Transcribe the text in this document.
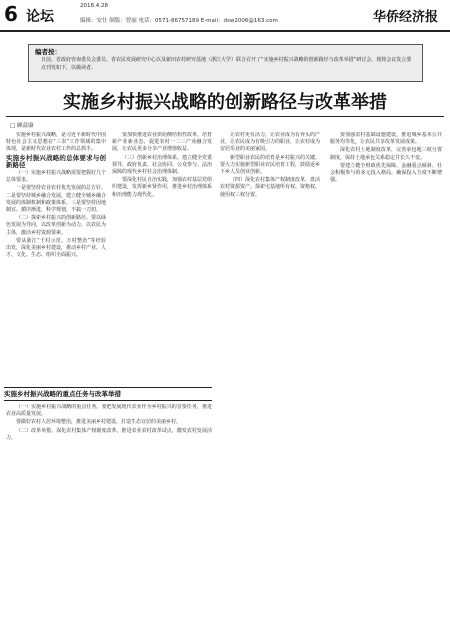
6 论坛
2018.4.28
编辑：安仕 制版：曾丽 电话：0571-86757189 E-mail：dsw2006@163.com	华侨经济报
编者按：
日前，省政府咨询委员会委员、省农民发展研究中心以及新田农村研究基地（浙江大学）联合召开了“实施乡村振兴战略的创新路径与改革举措”研讨会，现将会议发言要点刊发如下，以飨读者。
实施乡村振兴战略的创新路径与改革举措
□ 顾益康

实施乡村振兴战略，是习近平新时代中国特色社会主义思想在“三农”工作领域的集中体现，是新时代农业农村工作的总抓手。

实施乡村振兴战略的总体要求与创新路径

（一）实施乡村振兴战略需要把握好几个总体要求。

一是要坚持农业农村优先发展的总方针。二是要坚持城乡融合发展，建立健全城乡融合发展的体制机制和政策体系。三是要坚持因地制宜、循序渐进，科学规划，不搞一刀切。

（二）探索乡村振兴的创新路径。要以绿色发展为导向，以改革创新为动力，以农民为主体，激活乡村资源要素。

要从浙江“千村示范、万村整治”等经验出发，深化美丽乡村建设，推动乡村产业、人才、文化、生态、组织全面振兴。

要加快推进农业供给侧结构性改革，培育新产业新业态，促进农村一二三产业融合发展，让农民更多分享产业增值收益。

（三）创新乡村治理体系。建立健全党委领导、政府负责、社会协同、公众参与、法治保障的现代乡村社会治理体制。

要深化村民自治实践，加强农村基层党组织建设，发挥新乡贤作用，推进乡村治理体系和治理能力现代化。

让农村更有活力，让农业成为有奔头的产业，让农民成为有吸引力的职业，让农村成为安居乐业的美丽家园。

新型职业农民的培育是乡村振兴的关键。要大力实施新型职业农民培育工程，鼓励返乡下乡人员创业创新。

（四）深化农村集体产权制度改革，盘活农村资源资产。探索宅基地所有权、资格权、使用权三权分置。

要加强农村基础设施建设，推进城乡基本公共服务均等化，让农民共享改革发展成果。

深化农村土地制度改革，完善承包地三权分置制度，保持土地承包关系稳定并长久不变。

要建立健全财政优先保障、金融重点倾斜、社会积极参与的多元投入格局，确保投入力度不断增强。

实施乡村振兴战略的重点任务与改革举措

（一）实施乡村振兴战略的重点任务。要把发展现代农业作为乡村振兴的首要任务，推进农业高质量发展。

要做好农村人居环境整治，推进美丽乡村建设，打造生态宜居的美丽乡村。

（二）改革举措。深化农村集体产权制度改革，推进农业农村改革试点，激发农村发展活力。
